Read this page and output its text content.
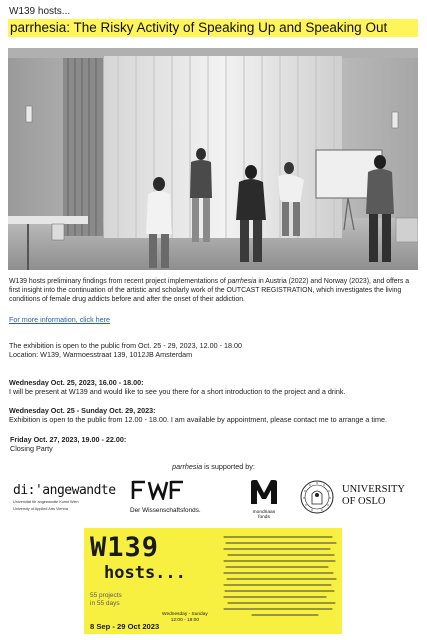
W139 hosts...
parrhesia: The Risky Activity of Speaking Up and Speaking Out
W139 hosts preliminary findings from recent project implementations of parrhesia in Austria (2022) and Norway (2023), and offers a first insight into the continuation of the artistic and scholarly work of the OUTCAST REGISTRATION, which investigates the living conditions of female drug addicts before and after the onset of their addiction.
For more information, click here
The exhibition is open to the public from Oct. 25 - 29, 2023, 12.00 - 18.00
Location: W139, Warmoesstraat 139, 1012JB Amsterdam
Wednesday Oct. 25, 2023, 16.00 - 18.00:
I will be present at W139 and would like to see you there for a short introduction to the project and a drink.
Wednesday Oct. 25 - Sunday Oct. 29, 2023:
Exhibition is open to the public from 12.00 - 18.00. I am available by appointment, please contact me to arrange a time.
Friday Oct. 27, 2023, 19.00 - 22.00:
Closing Party
parrhesia is supported by:
di:'angewandte
Universität für angewandte Kunst Wien
University of Applied Arts Vienna	Der Wissenschaftsfonds.	mondriaan
fonds
UNIVERSITY
OF OSLO
W139
hosts...
55 projects
in 55 days
Wednesday - Sunday
12:00 - 18:00
8 Sep - 29 Oct 2023
